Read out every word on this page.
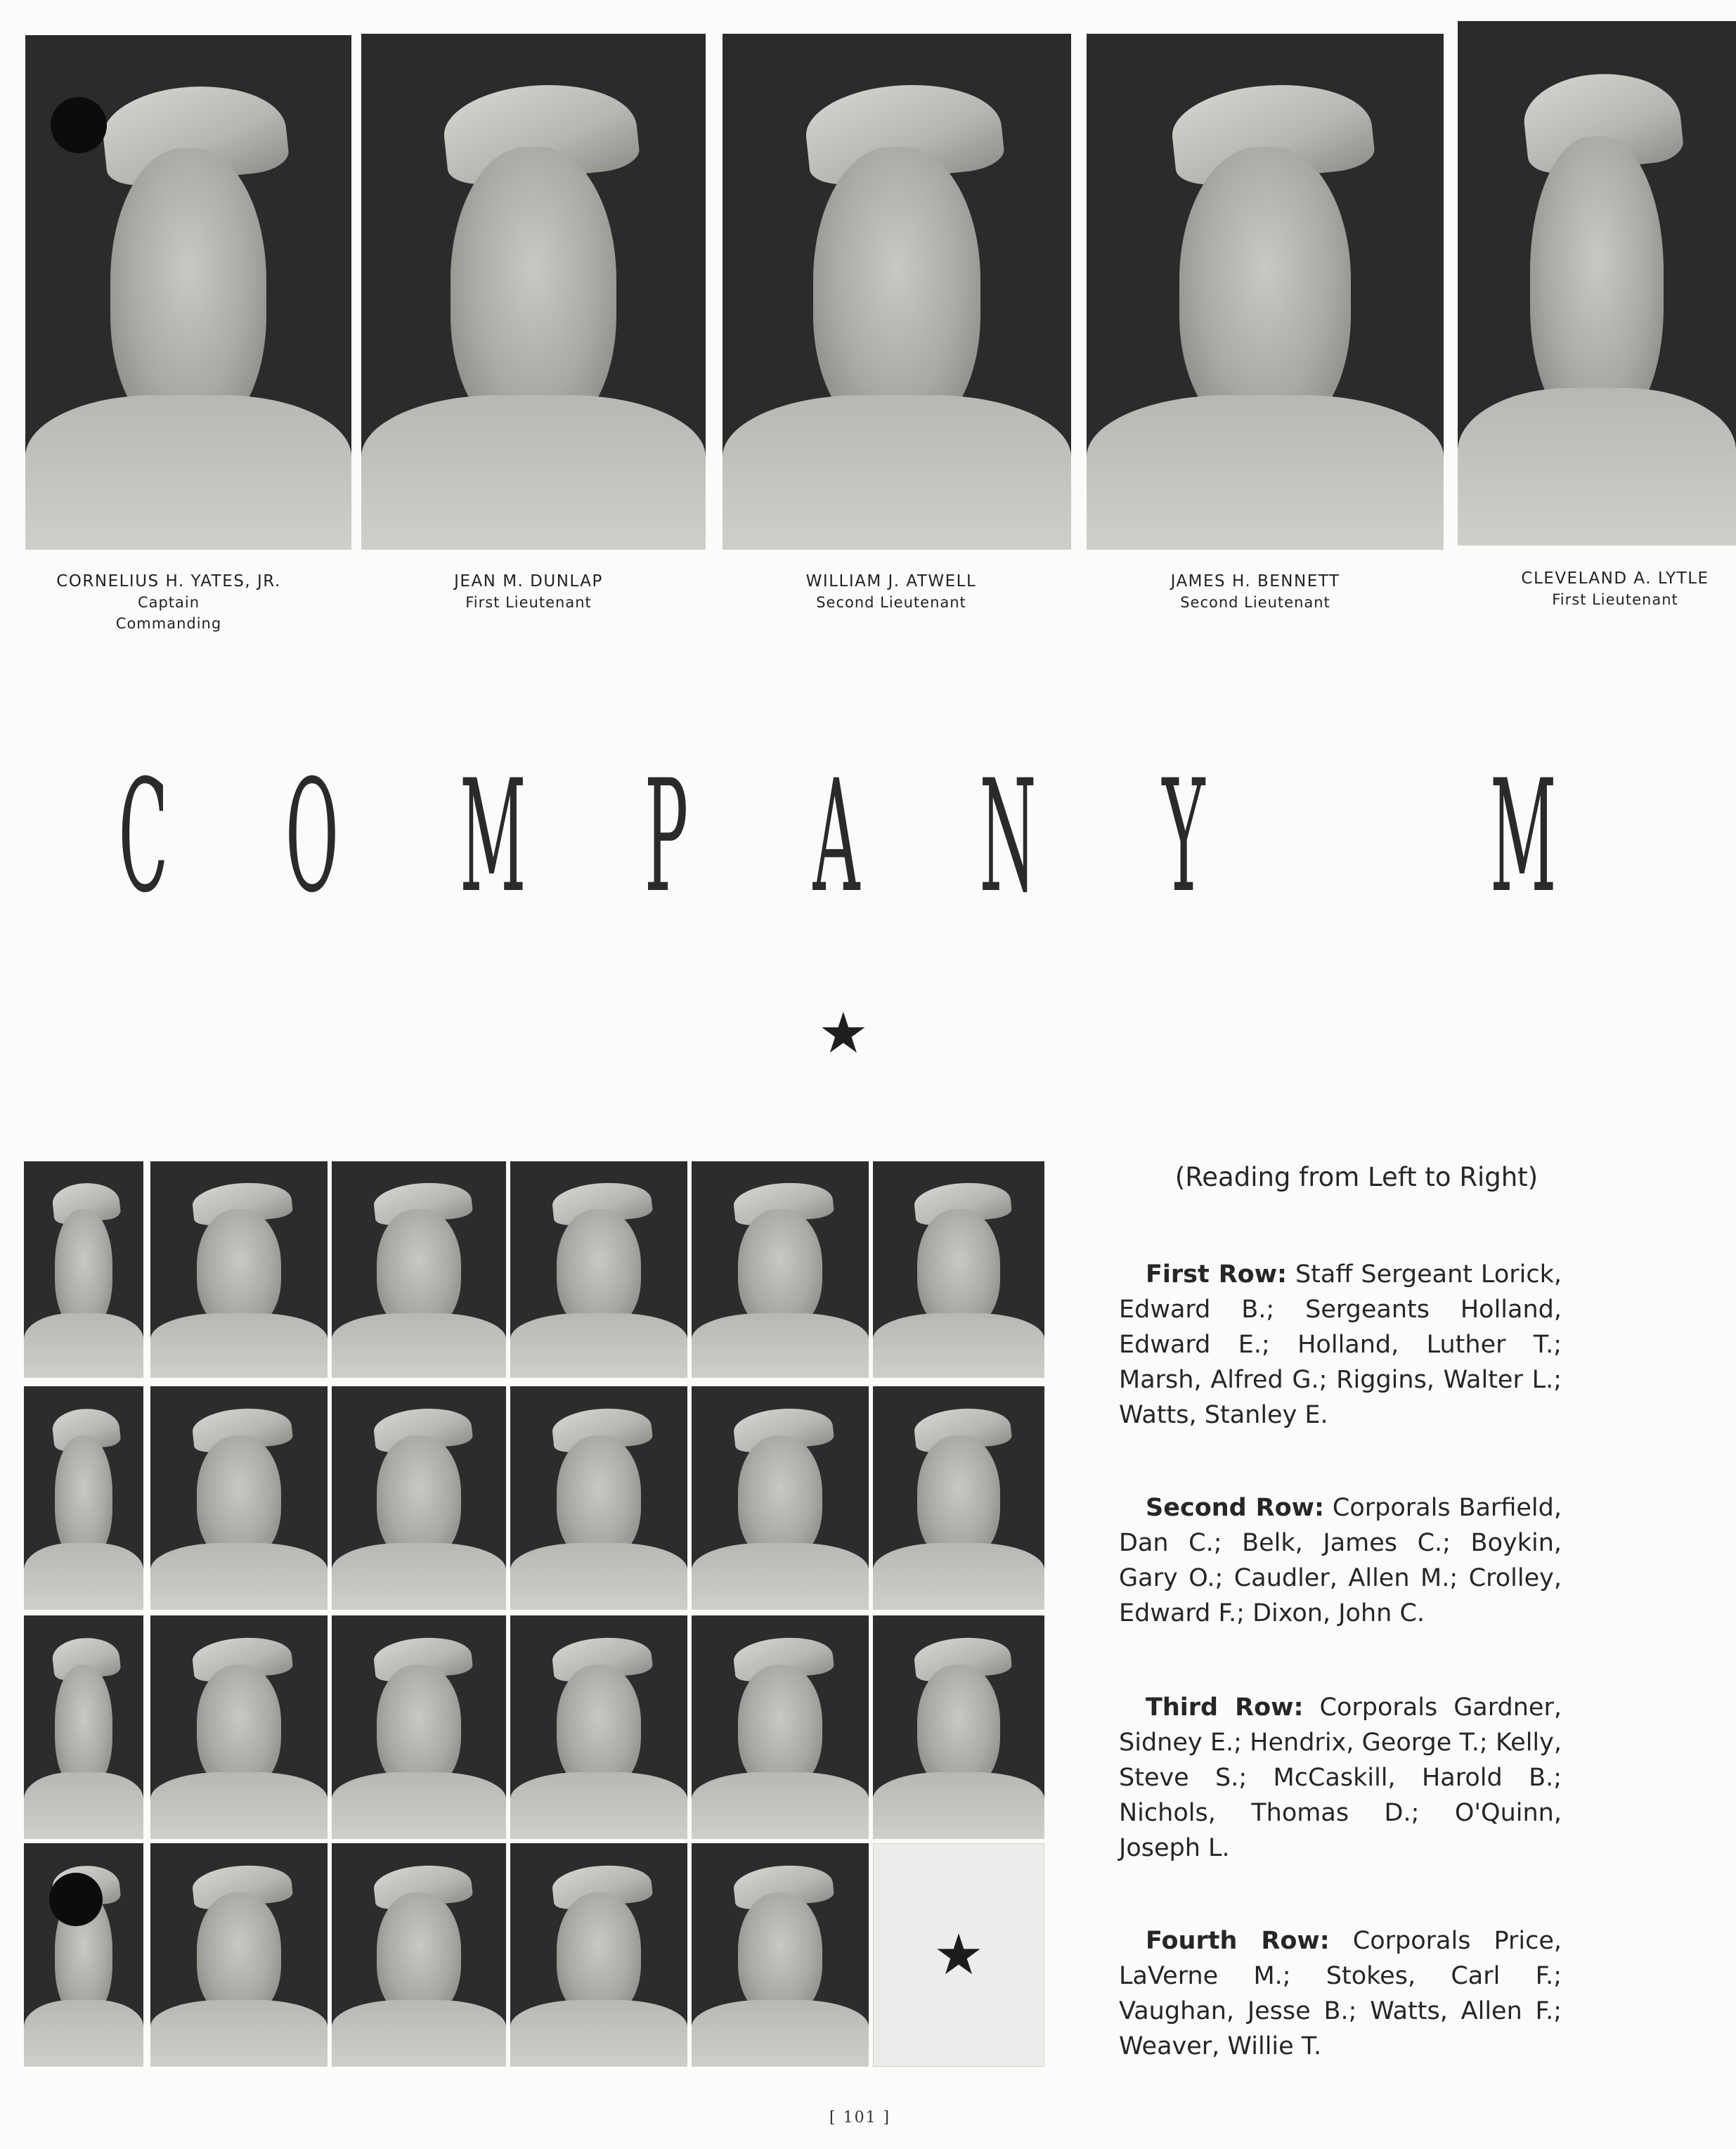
CORNELIUS H. YATES, JR.
Captain
Commanding
JEAN M. DUNLAP
First Lieutenant
WILLIAM J. ATWELL
Second Lieutenant
JAMES H. BENNETT
Second Lieutenant
CLEVELAND A. LYTLE
First Lieutenant
C O M P A N Y M
★
★
(Reading from Left to Right)
First Row: Staff Sergeant Lorick, Edward B.; Sergeants Holland, Edward E.; Holland, Luther T.; Marsh, Alfred G.; Riggins, Walter L.; Watts, Stanley E.
Second Row: Corporals Barfield, Dan C.; Belk, James C.; Boykin, Gary O.; Caudler, Allen M.; Crolley, Edward F.; Dixon, John C.
Third Row: Corporals Gardner, Sidney E.; Hendrix, George T.; Kelly, Steve S.; McCaskill, Harold B.; Nichols, Thomas D.; O'Quinn, Joseph L.
Fourth Row: Corporals Price, LaVerne M.; Stokes, Carl F.; Vaughan, Jesse B.; Watts, Allen F.; Weaver, Willie T.
[ 101 ]
